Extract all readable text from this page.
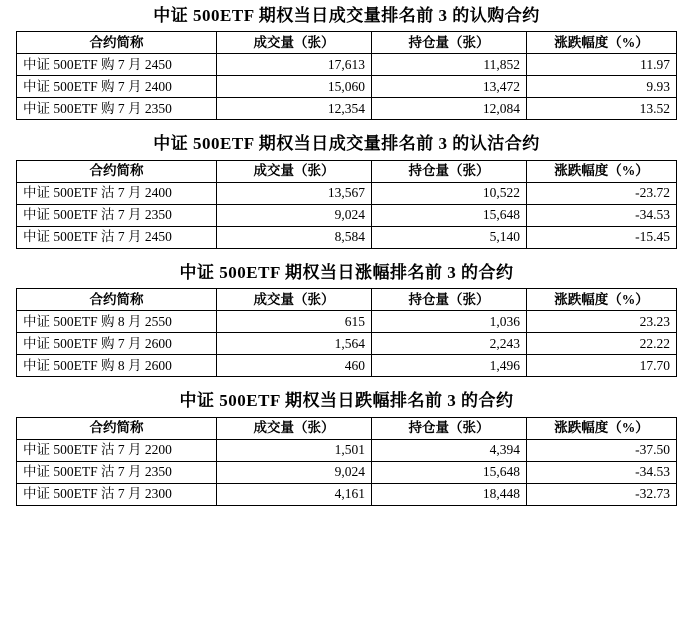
中证 500ETF 期权当日成交量排名前 3 的认购合约
合约简称	成交量（张）	持仓量（张）	涨跌幅度（%）
中证 500ETF 购 7 月 2450	17,613	11,852	11.97
中证 500ETF 购 7 月 2400	15,060	13,472	9.93
中证 500ETF 购 7 月 2350	12,354	12,084	13.52
中证 500ETF 期权当日成交量排名前 3 的认沽合约
合约简称	成交量（张）	持仓量（张）	涨跌幅度（%）
中证 500ETF 沽 7 月 2400	13,567	10,522	-23.72
中证 500ETF 沽 7 月 2350	9,024	15,648	-34.53
中证 500ETF 沽 7 月 2450	8,584	5,140	-15.45
中证 500ETF 期权当日涨幅排名前 3 的合约
合约简称	成交量（张）	持仓量（张）	涨跌幅度（%）
中证 500ETF 购 8 月 2550	615	1,036	23.23
中证 500ETF 购 7 月 2600	1,564	2,243	22.22
中证 500ETF 购 8 月 2600	460	1,496	17.70
中证 500ETF 期权当日跌幅排名前 3 的合约
合约简称	成交量（张）	持仓量（张）	涨跌幅度（%）
中证 500ETF 沽 7 月 2200	1,501	4,394	-37.50
中证 500ETF 沽 7 月 2350	9,024	15,648	-34.53
中证 500ETF 沽 7 月 2300	4,161	18,448	-32.73
